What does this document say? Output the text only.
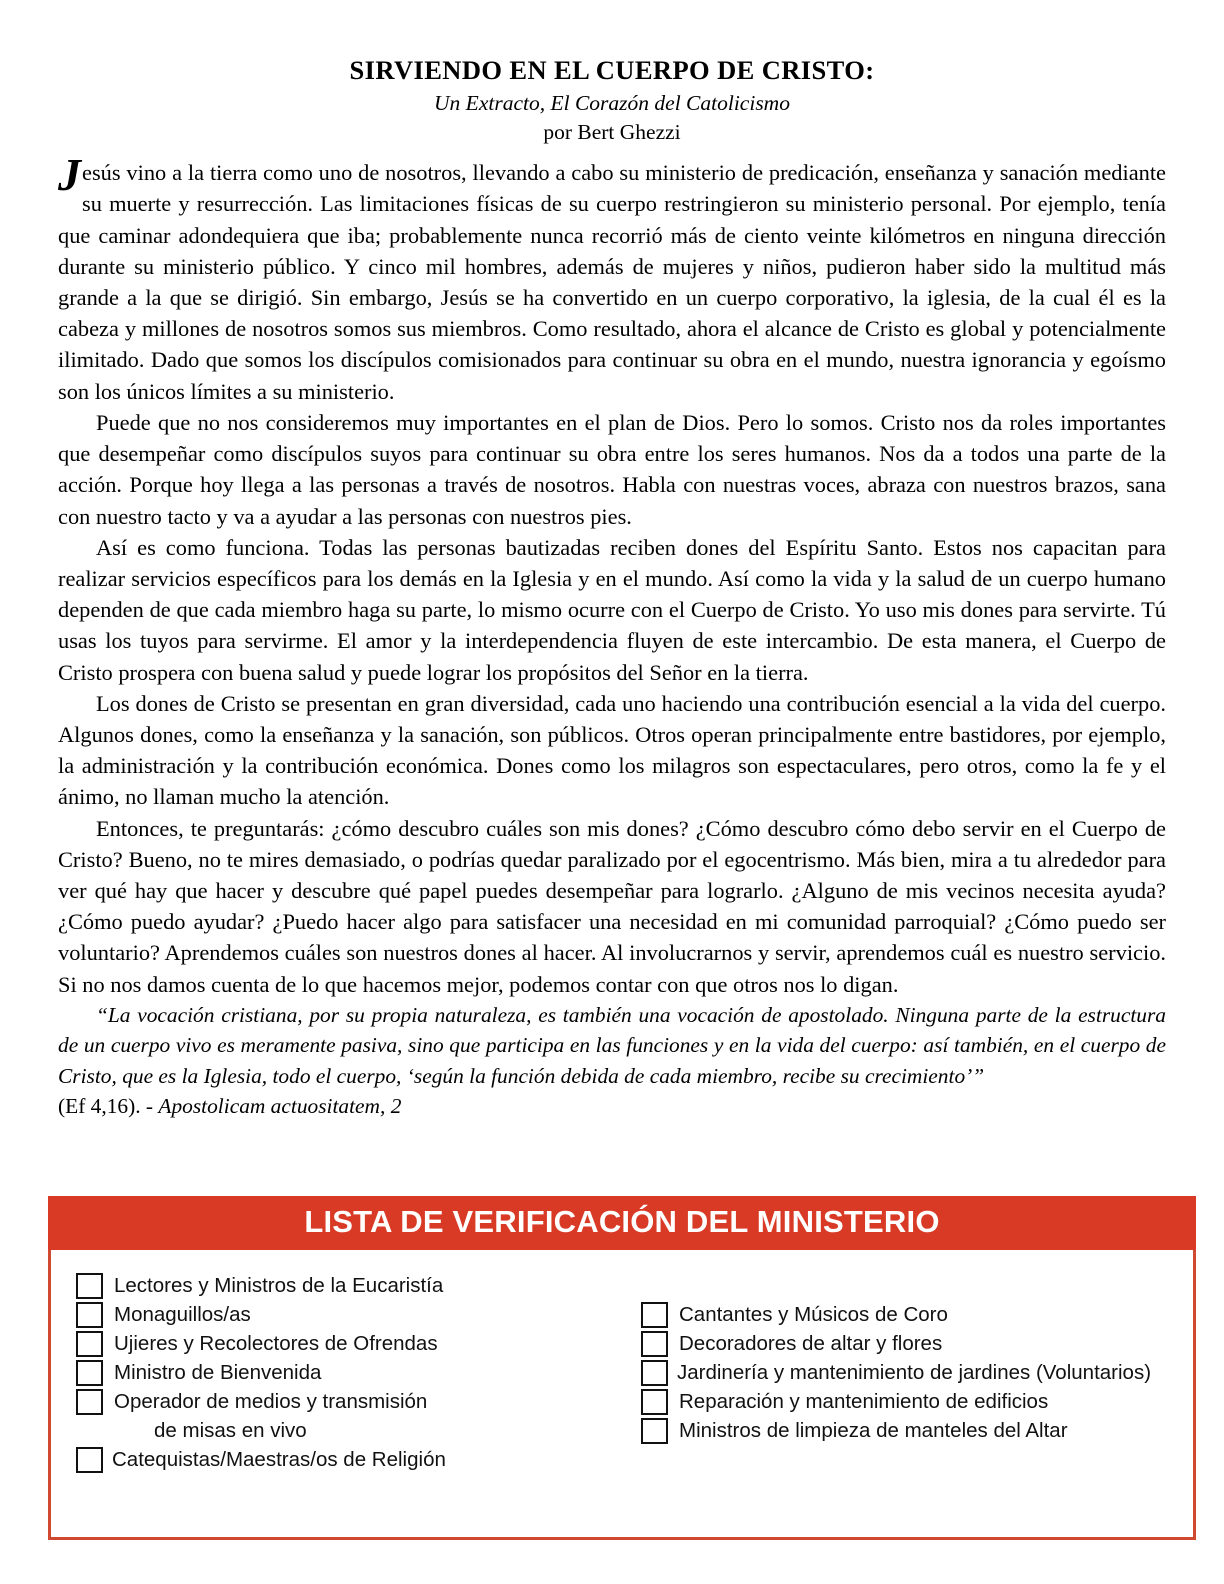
SIRVIENDO EN EL CUERPO DE CRISTO:
Un Extracto, El Corazón del Catolicismo
por Bert Ghezzi

Jesús vino a la tierra como uno de nosotros, llevando a cabo su ministerio de predicación, enseñanza y sanación mediante su muerte y resurrección. Las limitaciones físicas de su cuerpo restringieron su ministerio personal. Por ejemplo, tenía que caminar adondequiera que iba; probablemente nunca recorrió más de ciento veinte kilómetros en ninguna dirección durante su ministerio público. Y cinco mil hombres, además de mujeres y niños, pudieron haber sido la multitud más grande a la que se dirigió. Sin embargo, Jesús se ha convertido en un cuerpo corporativo, la iglesia, de la cual él es la cabeza y millones de nosotros somos sus miembros. Como resultado, ahora el alcance de Cristo es global y potencialmente ilimitado. Dado que somos los discípulos comisionados para continuar su obra en el mundo, nuestra ignorancia y egoísmo son los únicos límites a su ministerio.

Puede que no nos consideremos muy importantes en el plan de Dios. Pero lo somos. Cristo nos da roles importantes que desempeñar como discípulos suyos para continuar su obra entre los seres humanos. Nos da a todos una parte de la acción. Porque hoy llega a las personas a través de nosotros. Habla con nuestras voces, abraza con nuestros brazos, sana con nuestro tacto y va a ayudar a las personas con nuestros pies.

Así es como funciona. Todas las personas bautizadas reciben dones del Espíritu Santo. Estos nos capacitan para realizar servicios específicos para los demás en la Iglesia y en el mundo. Así como la vida y la salud de un cuerpo humano dependen de que cada miembro haga su parte, lo mismo ocurre con el Cuerpo de Cristo. Yo uso mis dones para servirte. Tú usas los tuyos para servirme. El amor y la interdependencia fluyen de este intercambio. De esta manera, el Cuerpo de Cristo prospera con buena salud y puede lograr los propósitos del Señor en la tierra.

Los dones de Cristo se presentan en gran diversidad, cada uno haciendo una contribución esencial a la vida del cuerpo. Algunos dones, como la enseñanza y la sanación, son públicos. Otros operan principalmente entre bastidores, por ejemplo, la administración y la contribución económica. Dones como los milagros son espectaculares, pero otros, como la fe y el ánimo, no llaman mucho la atención.

Entonces, te preguntarás: ¿cómo descubro cuáles son mis dones? ¿Cómo descubro cómo debo servir en el Cuerpo de Cristo? Bueno, no te mires demasiado, o podrías quedar paralizado por el egocentrismo. Más bien, mira a tu alrededor para ver qué hay que hacer y descubre qué papel puedes desempeñar para lograrlo. ¿Alguno de mis vecinos necesita ayuda? ¿Cómo puedo ayudar? ¿Puedo hacer algo para satisfacer una necesidad en mi comunidad parroquial? ¿Cómo puedo ser voluntario? Aprendemos cuáles son nuestros dones al hacer. Al involucrarnos y servir, aprendemos cuál es nuestro servicio. Si no nos damos cuenta de lo que hacemos mejor, podemos contar con que otros nos lo digan.

“La vocación cristiana, por su propia naturaleza, es también una vocación de apostolado. Ninguna parte de la estructura de un cuerpo vivo es meramente pasiva, sino que participa en las funciones y en la vida del cuerpo: así también, en el cuerpo de Cristo, que es la Iglesia, todo el cuerpo, ‘según la función debida de cada miembro, recibe su crecimiento’”

(Ef 4,16). - Apostolicam actuositatem, 2

LISTA DE VERIFICACIÓN DEL MINISTERIO
Lectores y Ministros de la Eucaristía
Monaguillos/as
Ujieres y Recolectores de Ofrendas
Ministro de Bienvenida
Operador de medios y transmisión
de misas en vivo
Catequistas/Maestras/os de Religión
Cantantes y Músicos de Coro
Decoradores de altar y flores
Jardinería y mantenimiento de jardines (Voluntarios)
Reparación y mantenimiento de edificios
Ministros de limpieza de manteles del Altar
